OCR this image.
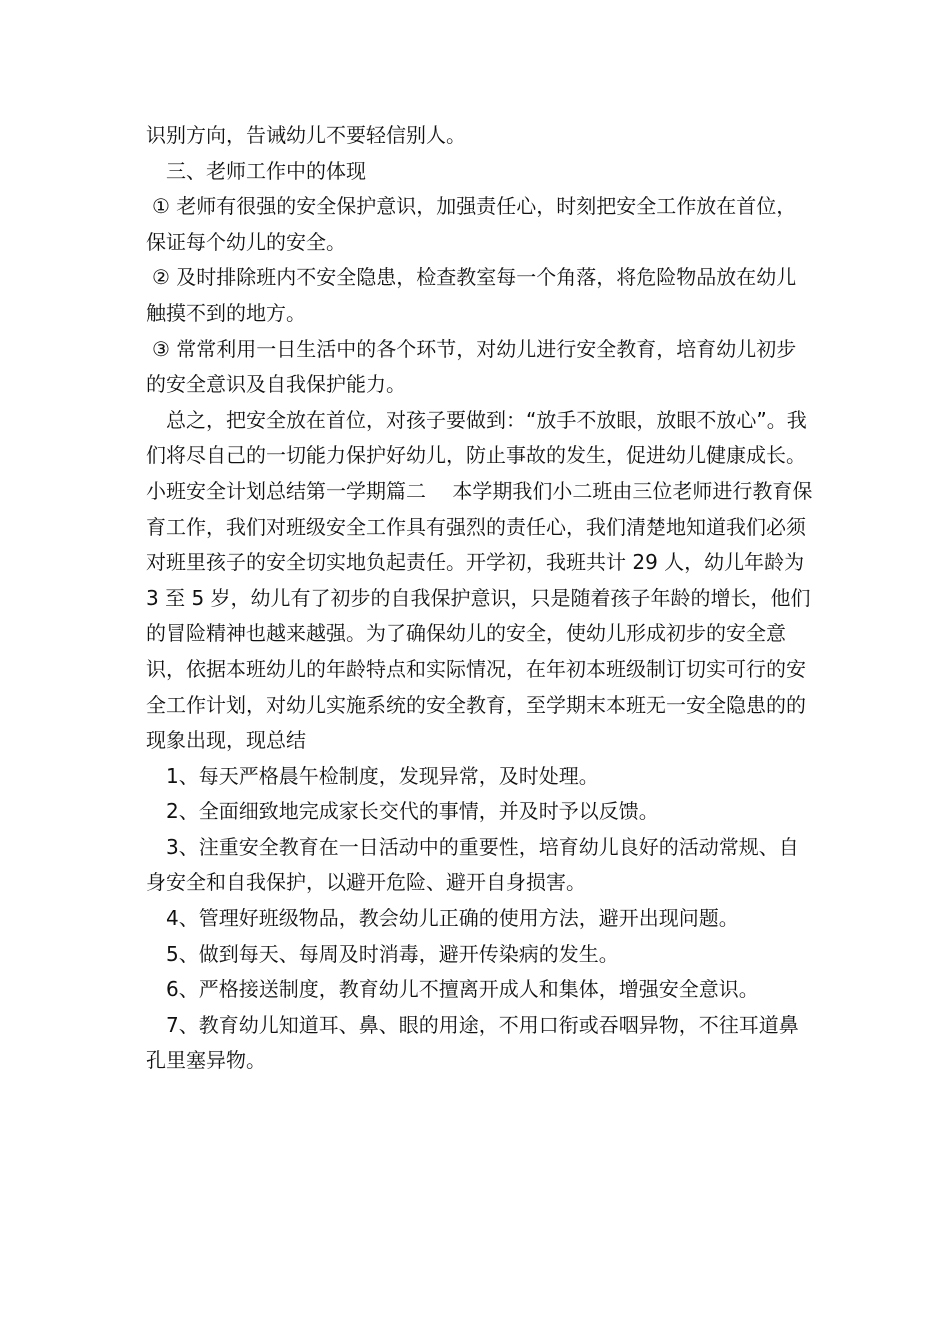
识别方向，告诫幼儿不要轻信别人。

三、老师工作中的体现

① 老师有很强的安全保护意识，加强责任心，时刻把安全工作放在首位，保证每个幼儿的安全。

② 及时排除班内不安全隐患，检查教室每一个角落，将危险物品放在幼儿触摸不到的地方。

③ 常常利用一日生活中的各个环节，对幼儿进行安全教育，培育幼儿初步的安全意识及自我保护能力。

总之，把安全放在首位，对孩子要做到：“放手不放眼，放眼不放心”。我们将尽自己的一切能力保护好幼儿，防止事故的发生，促进幼儿健康成长。

小班安全计划总结第一学期篇二　 本学期我们小二班由三位老师进行教育保育工作，我们对班级安全工作具有强烈的责任心，我们清楚地知道我们必须对班里孩子的安全切实地负起责任。开学初，我班共计 29 人，幼儿年龄为 3 至 5 岁，幼儿有了初步的自我保护意识，只是随着孩子年龄的增长，他们的冒险精神也越来越强。为了确保幼儿的安全，使幼儿形成初步的安全意识，依据本班幼儿的年龄特点和实际情况，在年初本班级制订切实可行的安全工作计划，对幼儿实施系统的安全教育，至学期末本班无一安全隐患的的现象出现，现总结

1、每天严格晨午检制度，发现异常，及时处理。

2、全面细致地完成家长交代的事情，并及时予以反馈。

3、注重安全教育在一日活动中的重要性，培育幼儿良好的活动常规、自身安全和自我保护，以避开危险、避开自身损害。

4、管理好班级物品，教会幼儿正确的使用方法，避开出现问题。

5、做到每天、每周及时消毒，避开传染病的发生。

6、严格接送制度，教育幼儿不擅离开成人和集体，增强安全意识。

7、教育幼儿知道耳、鼻、眼的用途，不用口衔或吞咽异物，不往耳道鼻孔里塞异物。
